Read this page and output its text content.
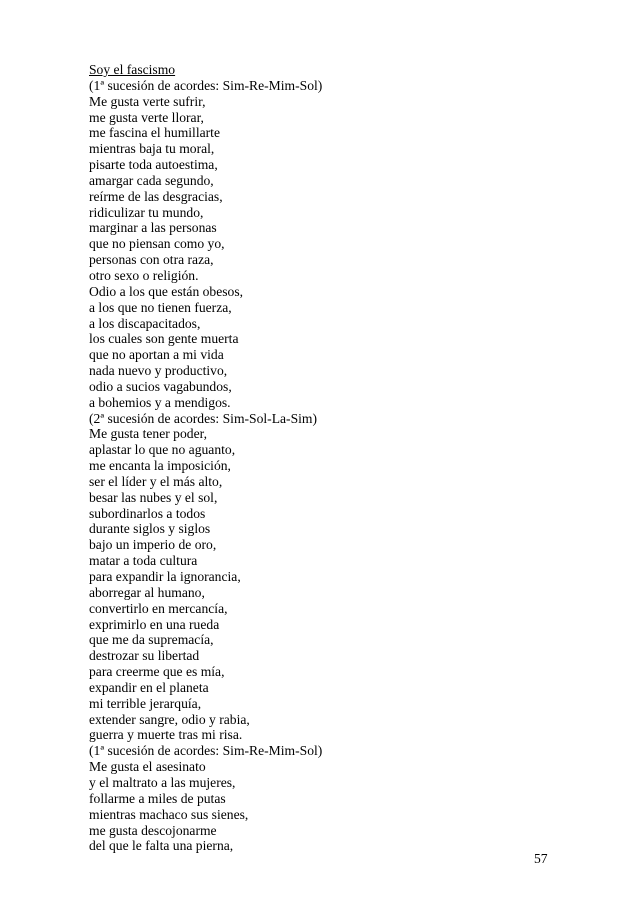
Soy el fascismo
(1ª sucesión de acordes: Sim-Re-Mim-Sol)
Me gusta verte sufrir,
me gusta verte llorar,
me fascina el humillarte
mientras baja tu moral,
pisarte toda autoestima,
amargar cada segundo,
reírme de las desgracias,
ridiculizar tu mundo,
marginar a las personas
que no piensan como yo,
personas con otra raza,
otro sexo o religión.
Odio a los que están obesos,
a los que no tienen fuerza,
a los discapacitados,
los cuales son gente muerta
que no aportan a mi vida
nada nuevo y productivo,
odio a sucios vagabundos,
a bohemios y a mendigos.
(2ª sucesión de acordes: Sim-Sol-La-Sim)
Me gusta tener poder,
aplastar lo que no aguanto,
me encanta la imposición,
ser el líder y el más alto,
besar las nubes y el sol,
subordinarlos a todos
durante siglos y siglos
bajo un imperio de oro,
matar a toda cultura
para expandir la ignorancia,
aborregar al humano,
convertirlo en mercancía,
exprimirlo en una rueda
que me da supremacía,
destrozar su libertad
para creerme que es mía,
expandir en el planeta
mi terrible jerarquía,
extender sangre, odio y rabia,
guerra y muerte tras mi risa.
(1ª sucesión de acordes: Sim-Re-Mim-Sol)
Me gusta el asesinato
y el maltrato a las mujeres,
follarme a miles de putas
mientras machaco sus sienes,
me gusta descojonarme
del que le falta una pierna,
57
